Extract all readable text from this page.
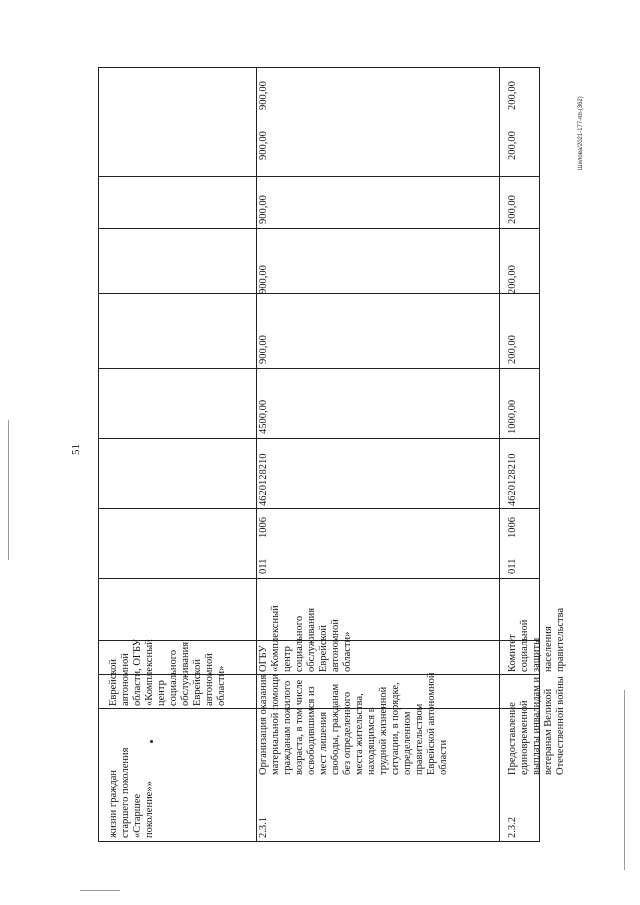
51
жизни граждан старшего поколения «Старшее поколение»»
Еврейской автономной области, ОГБУ «Комплексный центр социального обслуживания Еврейской автономной области»
2.3.1
Организация оказания материальной помощи гражданам пожилого возраста, в том числе освободившимся из мест лишения свободы, гражданам без определенного места жительства, находящимся в трудной жизненной ситуации, в порядке, определенном правительством Еврейской автономной области
ОГБУ «Комплексный центр социального обслуживания Еврейской автономной области»
011
1006
4620128210
4500,00
900,00
900,00
900,00
900,00
900,00
2.3.2
Предоставление единовременной выплаты инвалидам и ветеранам Великой Отечественной войны
Комитет социальной защиты населения правительства
011
1006
4620128210
1000,00
200,00
200,00
200,00
200,00
200,00
Шилова/2021-177-пп-(362)
